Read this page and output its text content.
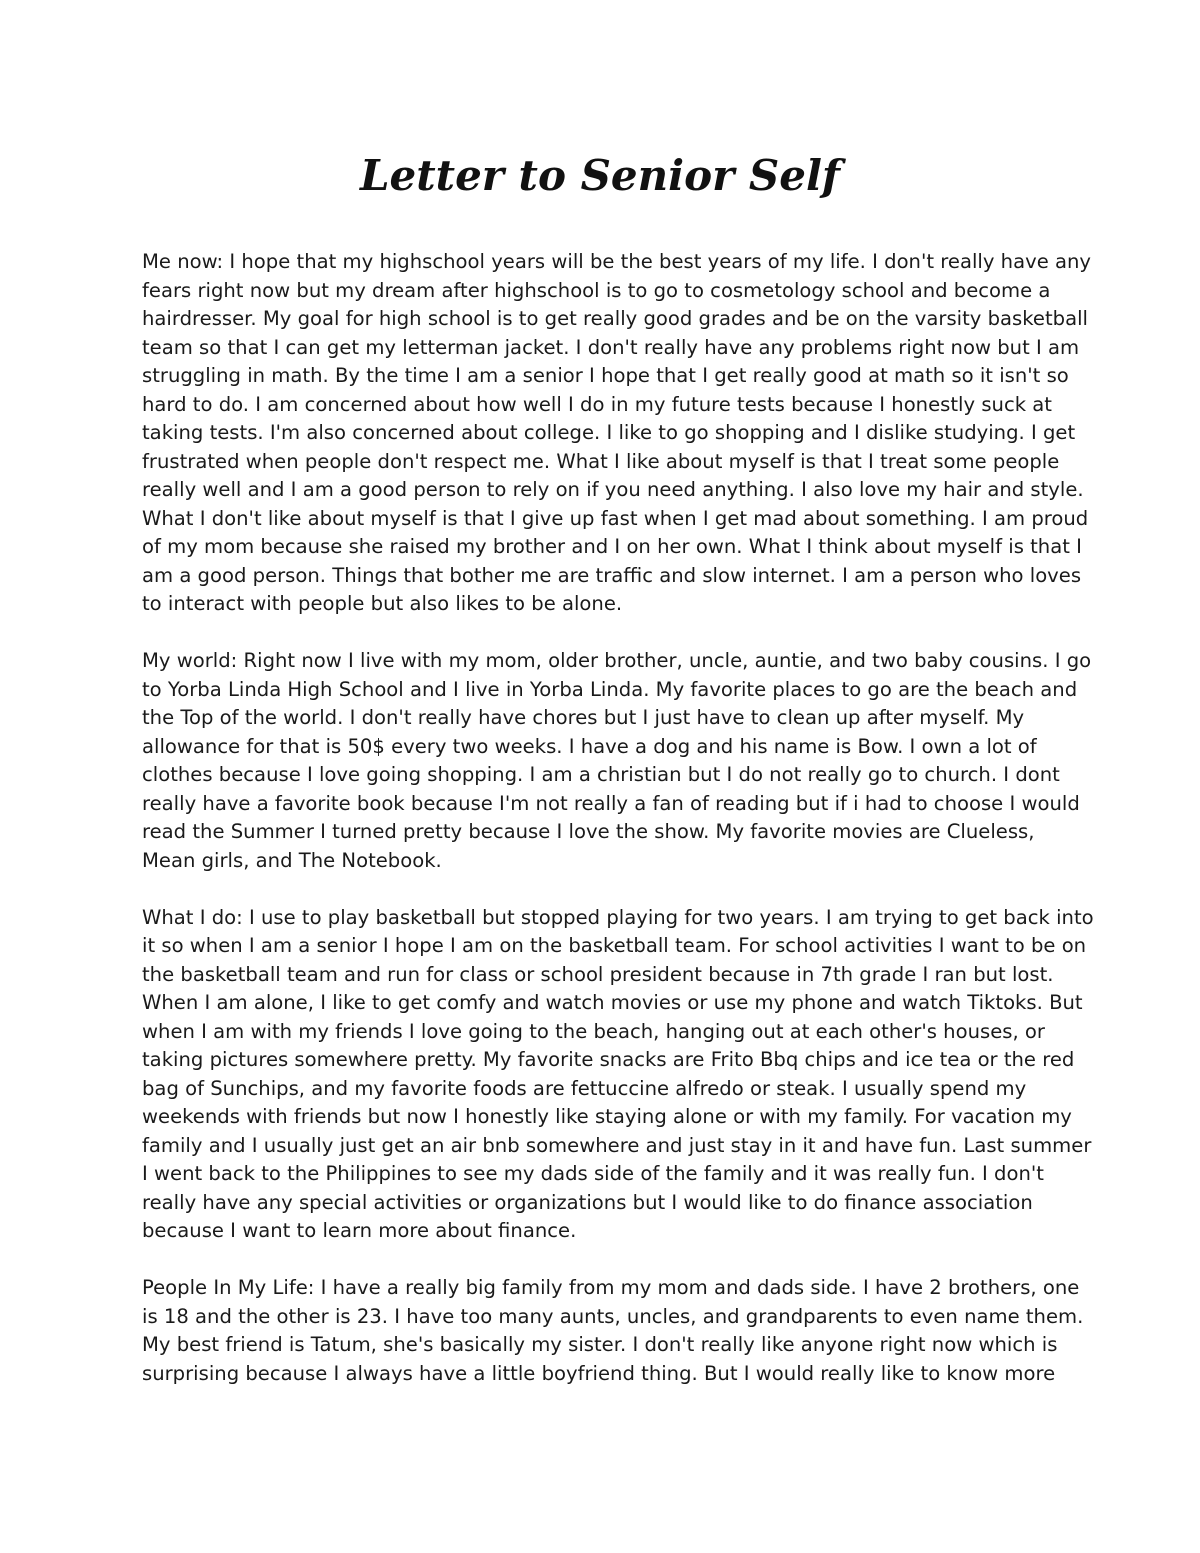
Letter to Senior Self

Me now: I hope that my highschool years will be the best years of my life. I don't really have any
fears right now but my dream after highschool is to go to cosmetology school and become a
hairdresser. My goal for high school is to get really good grades and be on the varsity basketball
team so that I can get my letterman jacket. I don't really have any problems right now but I am
struggling in math. By the time I am a senior I hope that I get really good at math so it isn't so
hard to do. I am concerned about how well I do in my future tests because I honestly suck at
taking tests. I'm also concerned about college. I like to go shopping and I dislike studying. I get
frustrated when people don't respect me. What I like about myself is that I treat some people
really well and I am a good person to rely on if you need anything. I also love my hair and style.
What I don't like about myself is that I give up fast when I get mad about something. I am proud
of my mom because she raised my brother and I on her own. What I think about myself is that I
am a good person. Things that bother me are traffic and slow internet. I am a person who loves
to interact with people but also likes to be alone.

My world: Right now I live with my mom, older brother, uncle, auntie, and two baby cousins. I go
to Yorba Linda High School and I live in Yorba Linda. My favorite places to go are the beach and
the Top of the world. I don't really have chores but I just have to clean up after myself. My
allowance for that is 50$ every two weeks. I have a dog and his name is Bow. I own a lot of
clothes because I love going shopping. I am a christian but I do not really go to church. I dont
really have a favorite book because I'm not really a fan of reading but if i had to choose I would
read the Summer I turned pretty because I love the show. My favorite movies are Clueless,
Mean girls, and The Notebook.

What I do: I use to play basketball but stopped playing for two years. I am trying to get back into
it so when I am a senior I hope I am on the basketball team. For school activities I want to be on
the basketball team and run for class or school president because in 7th grade I ran but lost.
When I am alone, I like to get comfy and watch movies or use my phone and watch Tiktoks. But
when I am with my friends I love going to the beach, hanging out at each other's houses, or
taking pictures somewhere pretty. My favorite snacks are Frito Bbq chips and ice tea or the red
bag of Sunchips, and my favorite foods are fettuccine alfredo or steak. I usually spend my
weekends with friends but now I honestly like staying alone or with my family. For vacation my
family and I usually just get an air bnb somewhere and just stay in it and have fun. Last summer
I went back to the Philippines to see my dads side of the family and it was really fun. I don't
really have any special activities or organizations but I would like to do finance association
because I want to learn more about finance.

People In My Life: I have a really big family from my mom and dads side. I have 2 brothers, one
is 18 and the other is 23. I have too many aunts, uncles, and grandparents to even name them.
My best friend is Tatum, she's basically my sister. I don't really like anyone right now which is
surprising because I always have a little boyfriend thing. But I would really like to know more
